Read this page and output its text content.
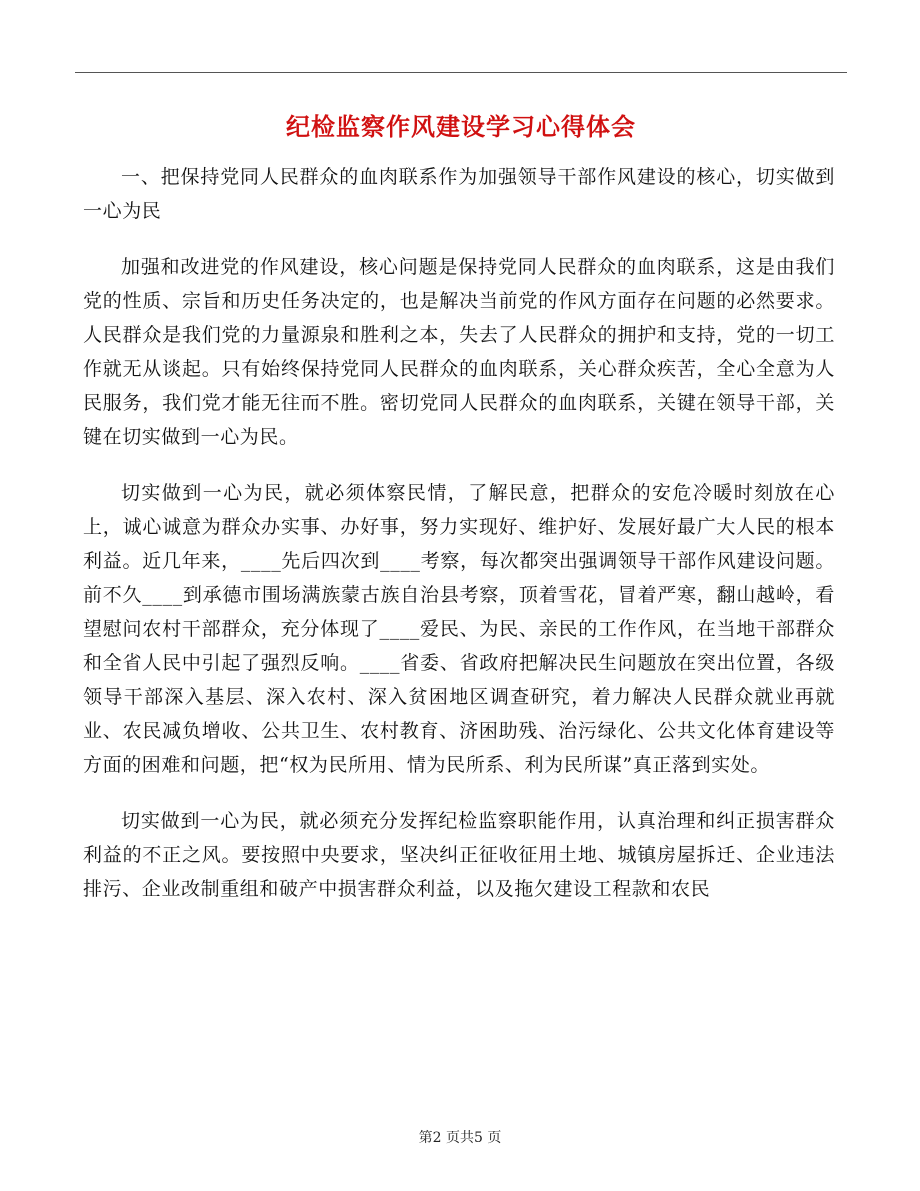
纪检监察作风建设学习心得体会

一、把保持党同人民群众的血肉联系作为加强领导干部作风建设的核心，切实做到一心为民

加强和改进党的作风建设，核心问题是保持党同人民群众的血肉联系，这是由我们党的性质、宗旨和历史任务决定的，也是解决当前党的作风方面存在问题的必然要求。人民群众是我们党的力量源泉和胜利之本，失去了人民群众的拥护和支持，党的一切工作就无从谈起。只有始终保持党同人民群众的血肉联系，关心群众疾苦，全心全意为人民服务，我们党才能无往而不胜。密切党同人民群众的血肉联系，关键在领导干部，关键在切实做到一心为民。

切实做到一心为民，就必须体察民情，了解民意，把群众的安危冷暖时刻放在心上，诚心诚意为群众办实事、办好事，努力实现好、维护好、发展好最广大人民的根本利益。近几年来，____先后四次到____考察，每次都突出强调领导干部作风建设问题。前不久____到承德市围场满族蒙古族自治县考察，顶着雪花，冒着严寒，翻山越岭，看望慰问农村干部群众，充分体现了____爱民、为民、亲民的工作作风，在当地干部群众和全省人民中引起了强烈反响。____省委、省政府把解决民生问题放在突出位置，各级领导干部深入基层、深入农村、深入贫困地区调查研究，着力解决人民群众就业再就业、农民减负增收、公共卫生、农村教育、济困助残、治污绿化、公共文化体育建设等方面的困难和问题，把“权为民所用、情为民所系、利为民所谋”真正落到实处。

切实做到一心为民，就必须充分发挥纪检监察职能作用，认真治理和纠正损害群众利益的不正之风。要按照中央要求，坚决纠正征收征用土地、城镇房屋拆迁、企业违法排污、企业改制重组和破产中损害群众利益，以及拖欠建设工程款和农民

第2 页共5 页
